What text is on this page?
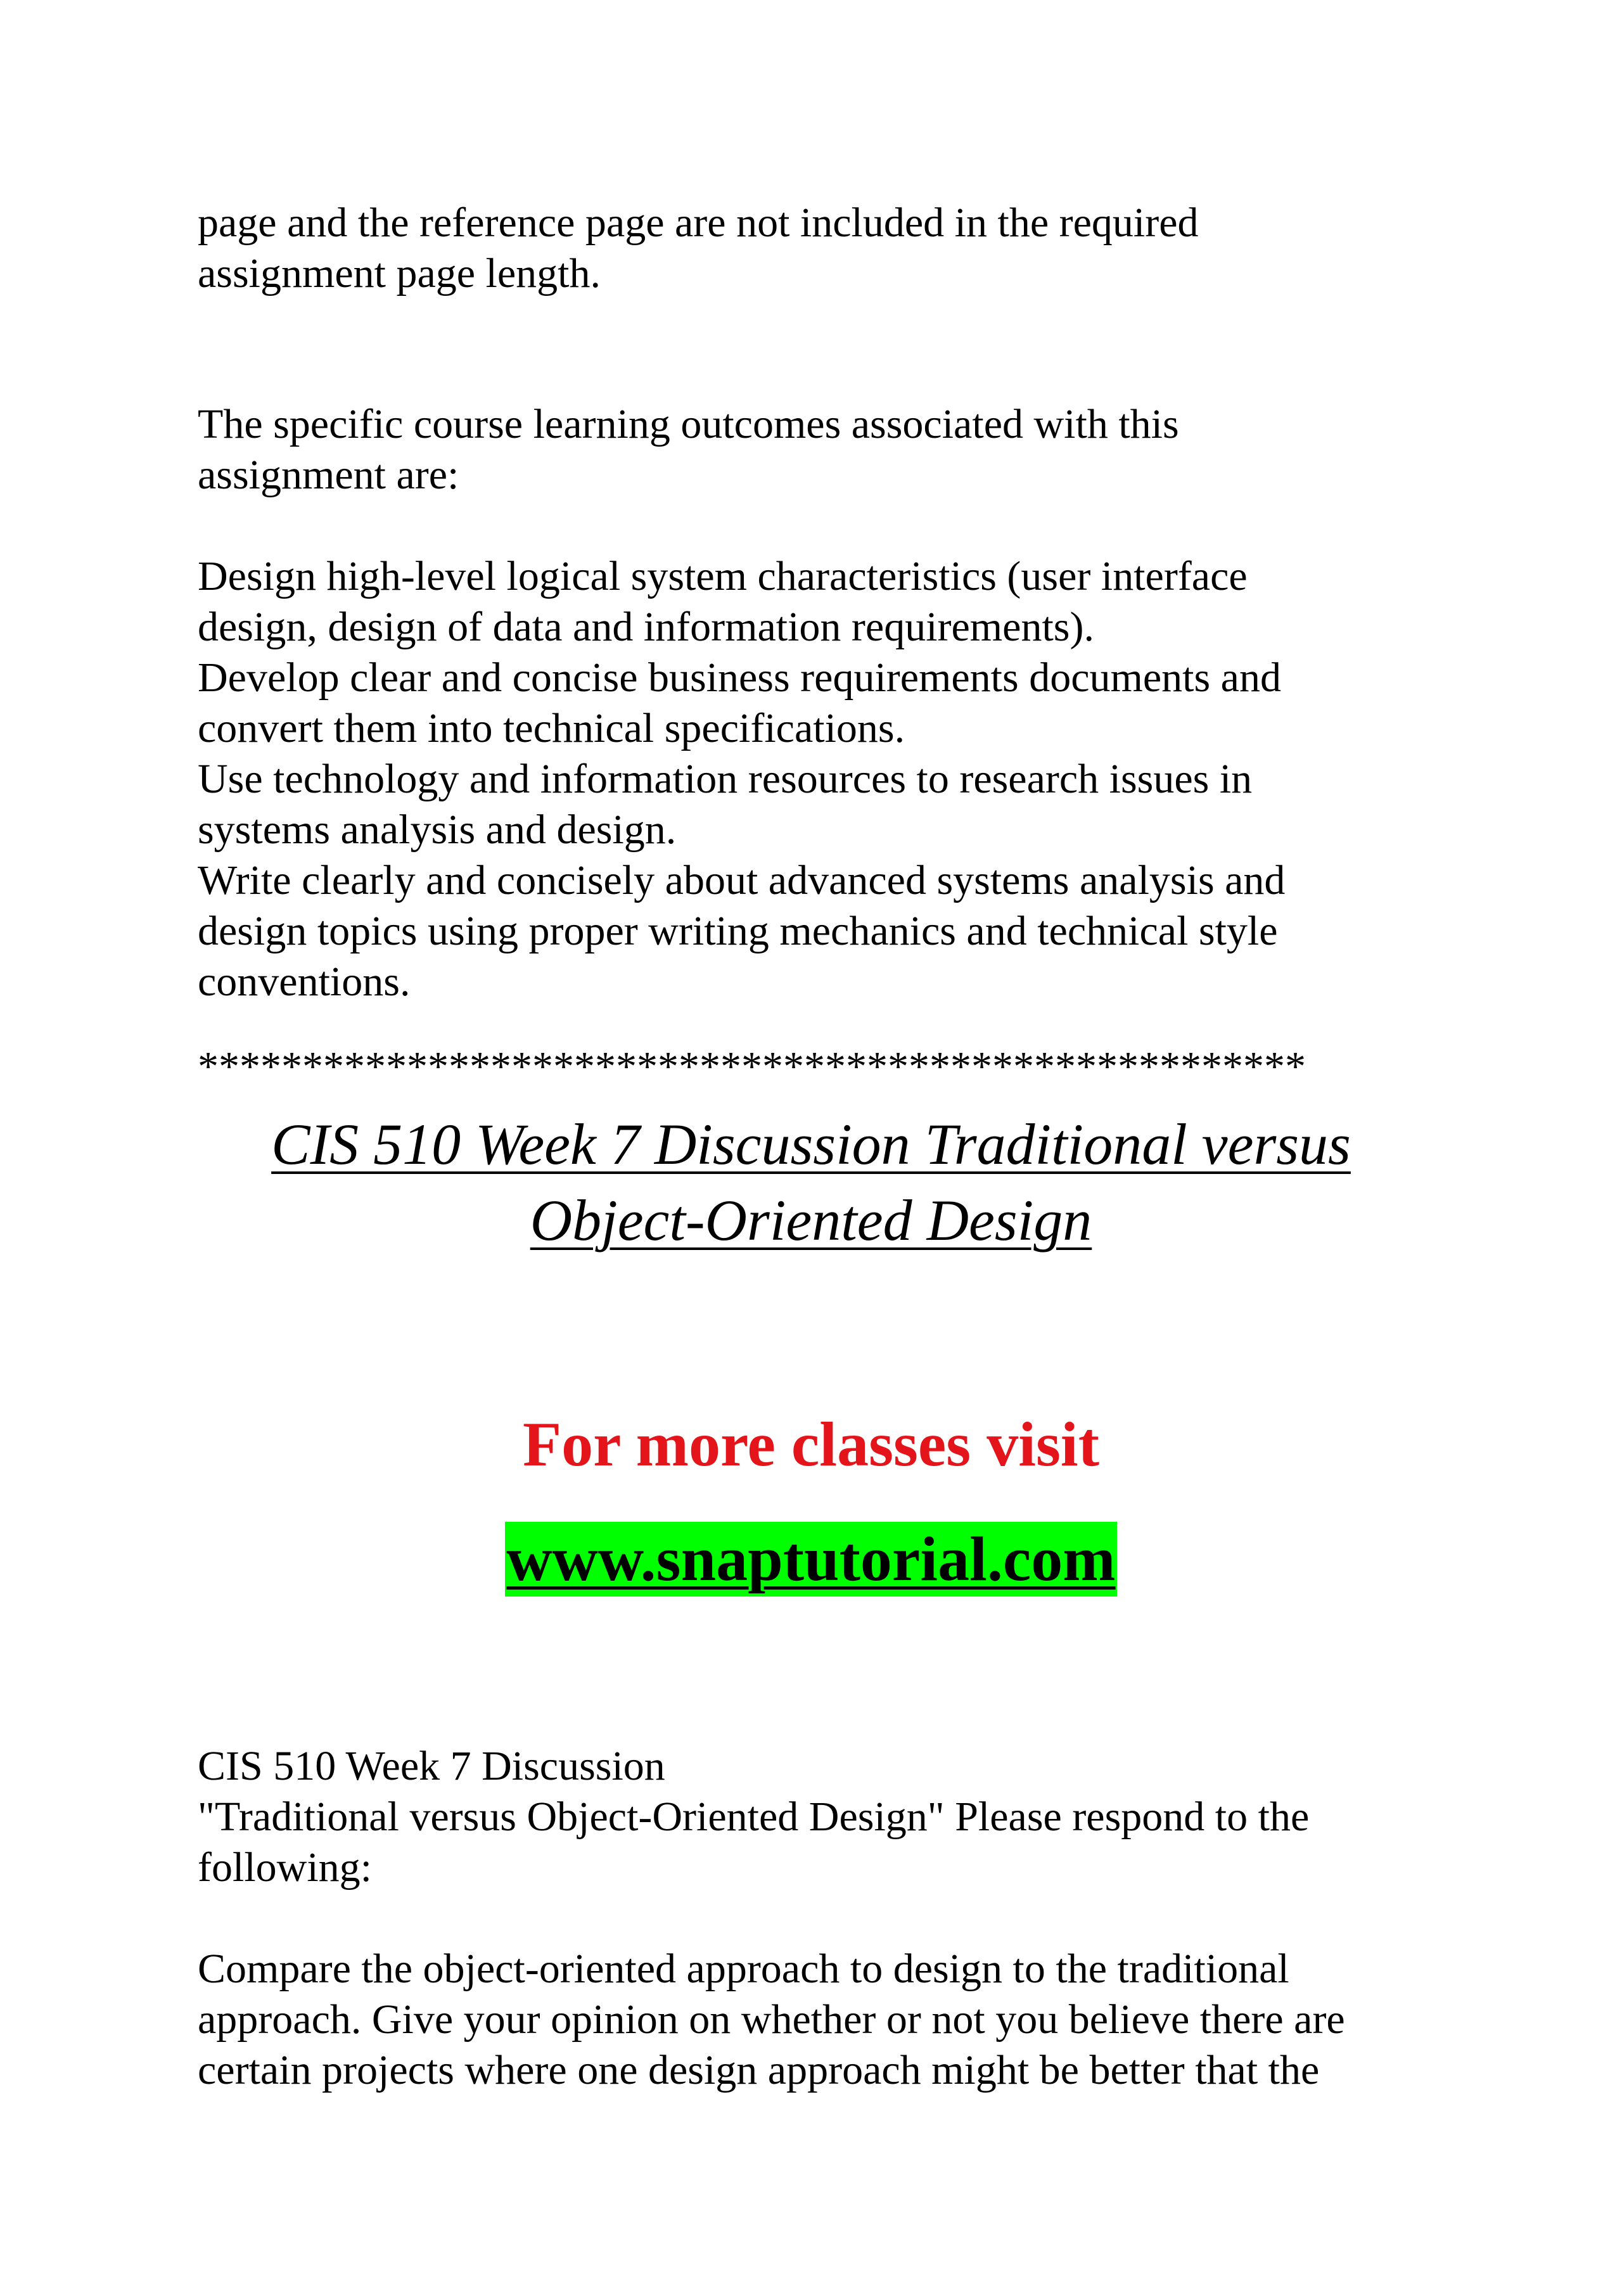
page and the reference page are not included in the required
assignment page length.

The specific course learning outcomes associated with this
assignment are:

Design high-level logical system characteristics (user interface
design, design of data and information requirements).
Develop clear and concise business requirements documents and
convert them into technical specifications.
Use technology and information resources to research issues in
systems analysis and design.
Write clearly and concisely about advanced systems analysis and
design topics using proper writing mechanics and technical style
conventions.

*****************************************************
CIS 510 Week 7 Discussion Traditional versus
Object-Oriented Design
For more classes visit
www.snaptutorial.com

CIS 510 Week 7 Discussion
"Traditional versus Object-Oriented Design" Please respond to the
following:

Compare the object-oriented approach to design to the traditional
approach. Give your opinion on whether or not you believe there are
certain projects where one design approach might be better that the
